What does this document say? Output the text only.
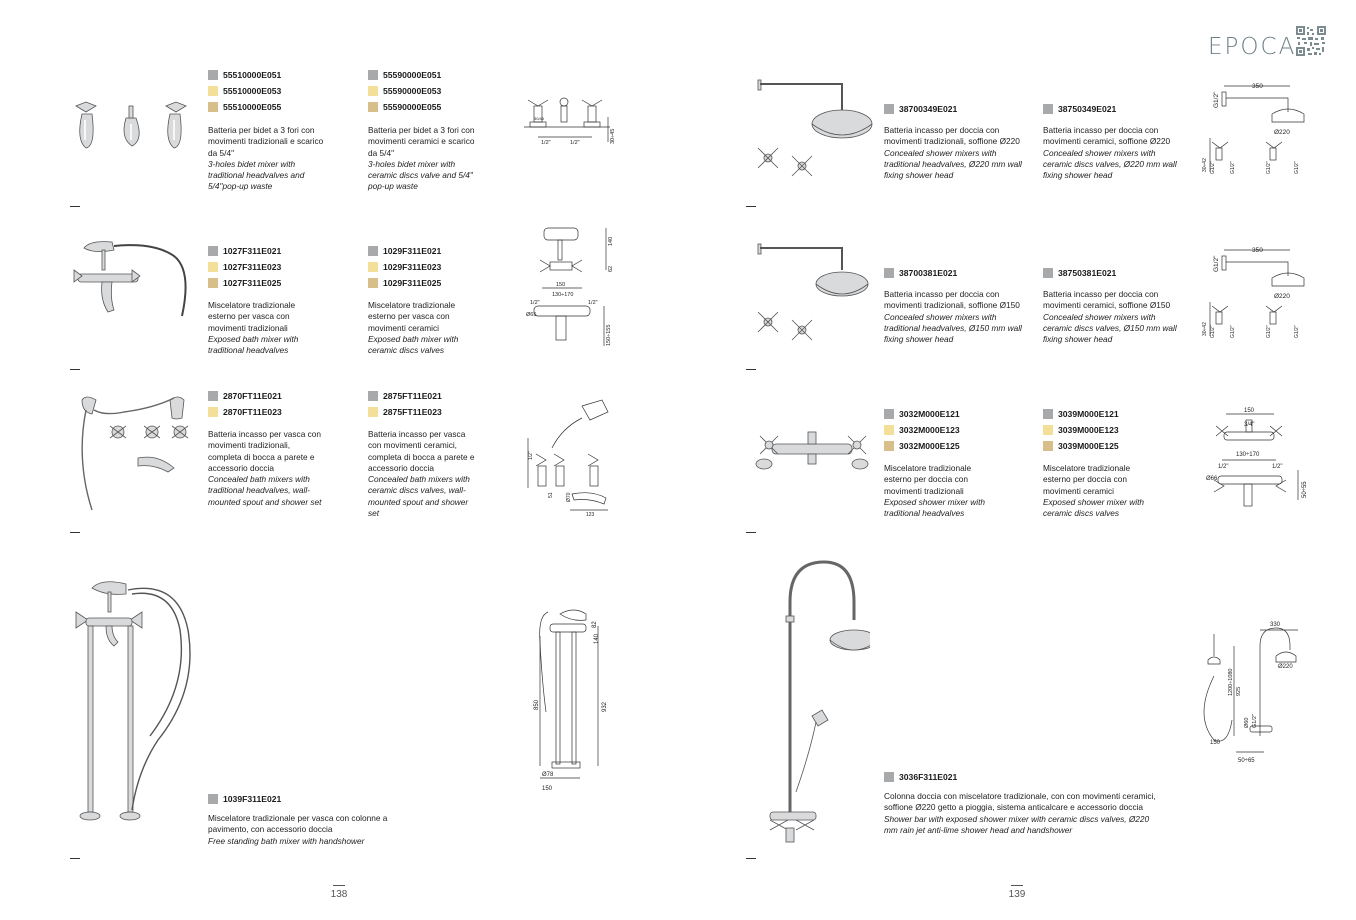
EPOCA
55510000E051
55510000E053
55510000E055
Batteria per bidet a 3 fori con movimenti tradizionali e scarico da 5/4"
3-holes bidet mixer with traditional headvalves and 5/4"pop-up waste
55590000E051
55590000E053
55590000E055
Batteria per bidet a 3 fori con movimenti ceramici e scarico da 5/4"
3-holes bidet mixer with ceramic discs valve and 5/4" pop-up waste
1/2"	1/2"
30/45
30÷45
1027F311E021
1027F311E023
1027F311E025
Miscelatore tradizionale esterno per vasca con movimenti tradizionali
Exposed bath mixer with traditional headvalves
1029F311E021
1029F311E023
1029F311E025
Miscelatore tradizionale esterno per vasca con movimenti ceramici
Exposed bath mixer with ceramic discs valves
140
62
150
130÷170
1/2"	1/2"
Ø65
150÷155
2870FT11E021
2870FT11E023
Batteria incasso per vasca con movimenti tradizionali, completa di bocca a parete e accessorio doccia
Concealed bath mixers with traditional headvalves, wall-mounted spout and shower set
2875FT11E021
2875FT11E023
Batteria incasso per vasca con movimenti ceramici, completa di bocca a parete e accessorio doccia
Concealed bath mixers with ceramic discs valves, wall-mounted spout and shower set
1/2"
51 Ø70
123
1039F311E021
Miscelatore tradizionale per vasca con colonne a pavimento, con accessorio doccia
Free standing bath mixer with handshower
82
140
850	932
Ø78
150
138
38700349E021
Batteria incasso per doccia con movimenti tradizionali, soffione Ø220
Concealed shower mixers with traditional headvalves, Ø220 mm wall fixing shower head
38750349E021
Batteria incasso per doccia con movimenti ceramici, soffione Ø220
Concealed shower mixers with ceramic discs valves, Ø220 mm wall fixing shower head
350
Ø220
G1/2"
30÷42 G1/2"	G1/2"	G1/2"	G1/2"
38700381E021
Batteria incasso per doccia con movimenti tradizionali, soffione Ø150
Concealed shower mixers with traditional headvalves, Ø150 mm wall fixing shower head
38750381E021
Batteria incasso per doccia con movimenti ceramici, soffione Ø150
Concealed shower mixers with ceramic discs valves, Ø150 mm wall fixing shower head
350
Ø220
G1/2"
30÷42 G1/2"	G1/2"	G1/2"	G1/2"
3032M000E121
3032M000E123
3032M000E125
Miscelatore tradizionale esterno per doccia con movimenti tradizionali
Exposed shower mixer with traditional headvalves
3039M000E121
3039M000E123
3039M000E125
Miscelatore tradizionale esterno per doccia con movimenti ceramici
Exposed shower mixer with ceramic discs valves
150
3/4"
130÷170
1/2"	1/2"
Ø66
50÷55
3036F311E021
Colonna doccia con miscelatore tradizionale, con con movimenti ceramici, soffione Ø220 getto a pioggia, sistema anticalcare e accessorio doccia
Shower bar with exposed shower mixer with ceramic discs valves, Ø220 mm rain jet anti-lime shower head and handshower
330
Ø220
1200÷1080 925
Ø60 G1/2"
150
50÷65
139
